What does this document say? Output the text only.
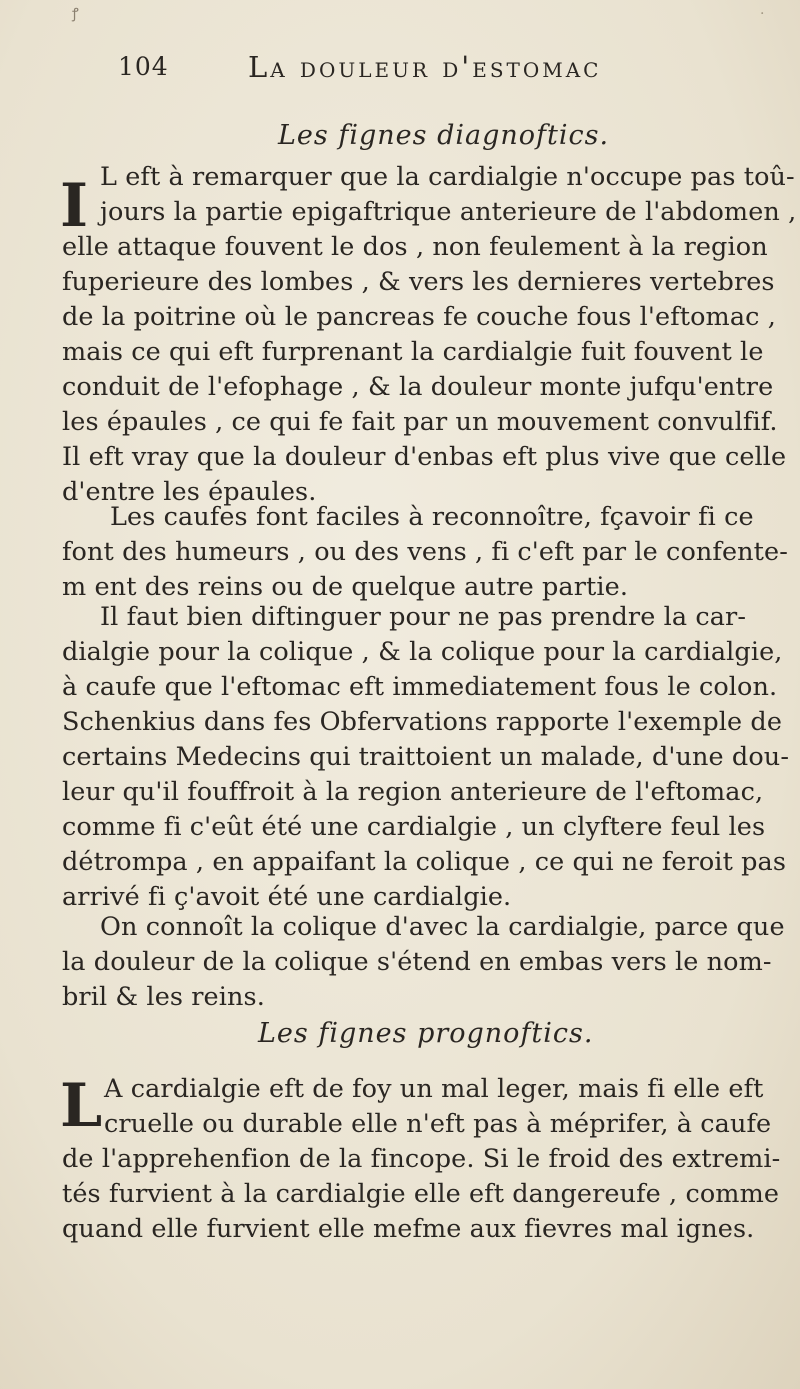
ꝭ	·
104	La douleur d'estomac
Les fignes diagnoftics.
I L eft à remarquer que la cardialgie n'occupe pas toû-
jours la partie epigaftrique anterieure de l'abdomen ,
elle attaque fouvent le dos , non feulement à la region
fuperieure des lombes , & vers les dernieres vertebres
de la poitrine où le pancreas fe couche fous l'eftomac ,
mais ce qui eft furprenant la cardialgie fuit fouvent le
conduit de l'efophage , & la douleur monte jufqu'entre
les épaules , ce qui fe fait par un mouvement convulfif.
Il eft vray que la douleur d'enbas eft plus vive que celle
d'entre les épaules.
Les caufes font faciles à reconnoître, fçavoir fi ce
font des humeurs , ou des vens , fi c'eft par le confente-
m ent des reins ou de quelque autre partie.
Il faut bien diftinguer pour ne pas prendre la car-
dialgie pour la colique , & la colique pour la cardialgie,
à caufe que l'eftomac eft immediatement fous le colon.
Schenkius dans fes Obfervations rapporte l'exemple de
certains Medecins qui traittoient un malade, d'une dou-
leur qu'il fouffroit à la region anterieure de l'eftomac,
comme fi c'eût été une cardialgie , un clyftere feul les
détrompa , en appaifant la colique , ce qui ne feroit pas
arrivé fi ç'avoit été une cardialgie.
On connoît la colique d'avec la cardialgie, parce que
la douleur de la colique s'étend en embas vers le nom-
bril & les reins.
Les fignes prognoftics.
L A cardialgie eft de foy un mal leger, mais fi elle eft
cruelle ou durable elle n'eft pas à méprifer, à caufe
de l'apprehenfion de la fincope. Si le froid des extremi-
tés furvient à la cardialgie elle eft dangereufe , comme
quand elle furvient elle mefme aux fievres mal ignes.
